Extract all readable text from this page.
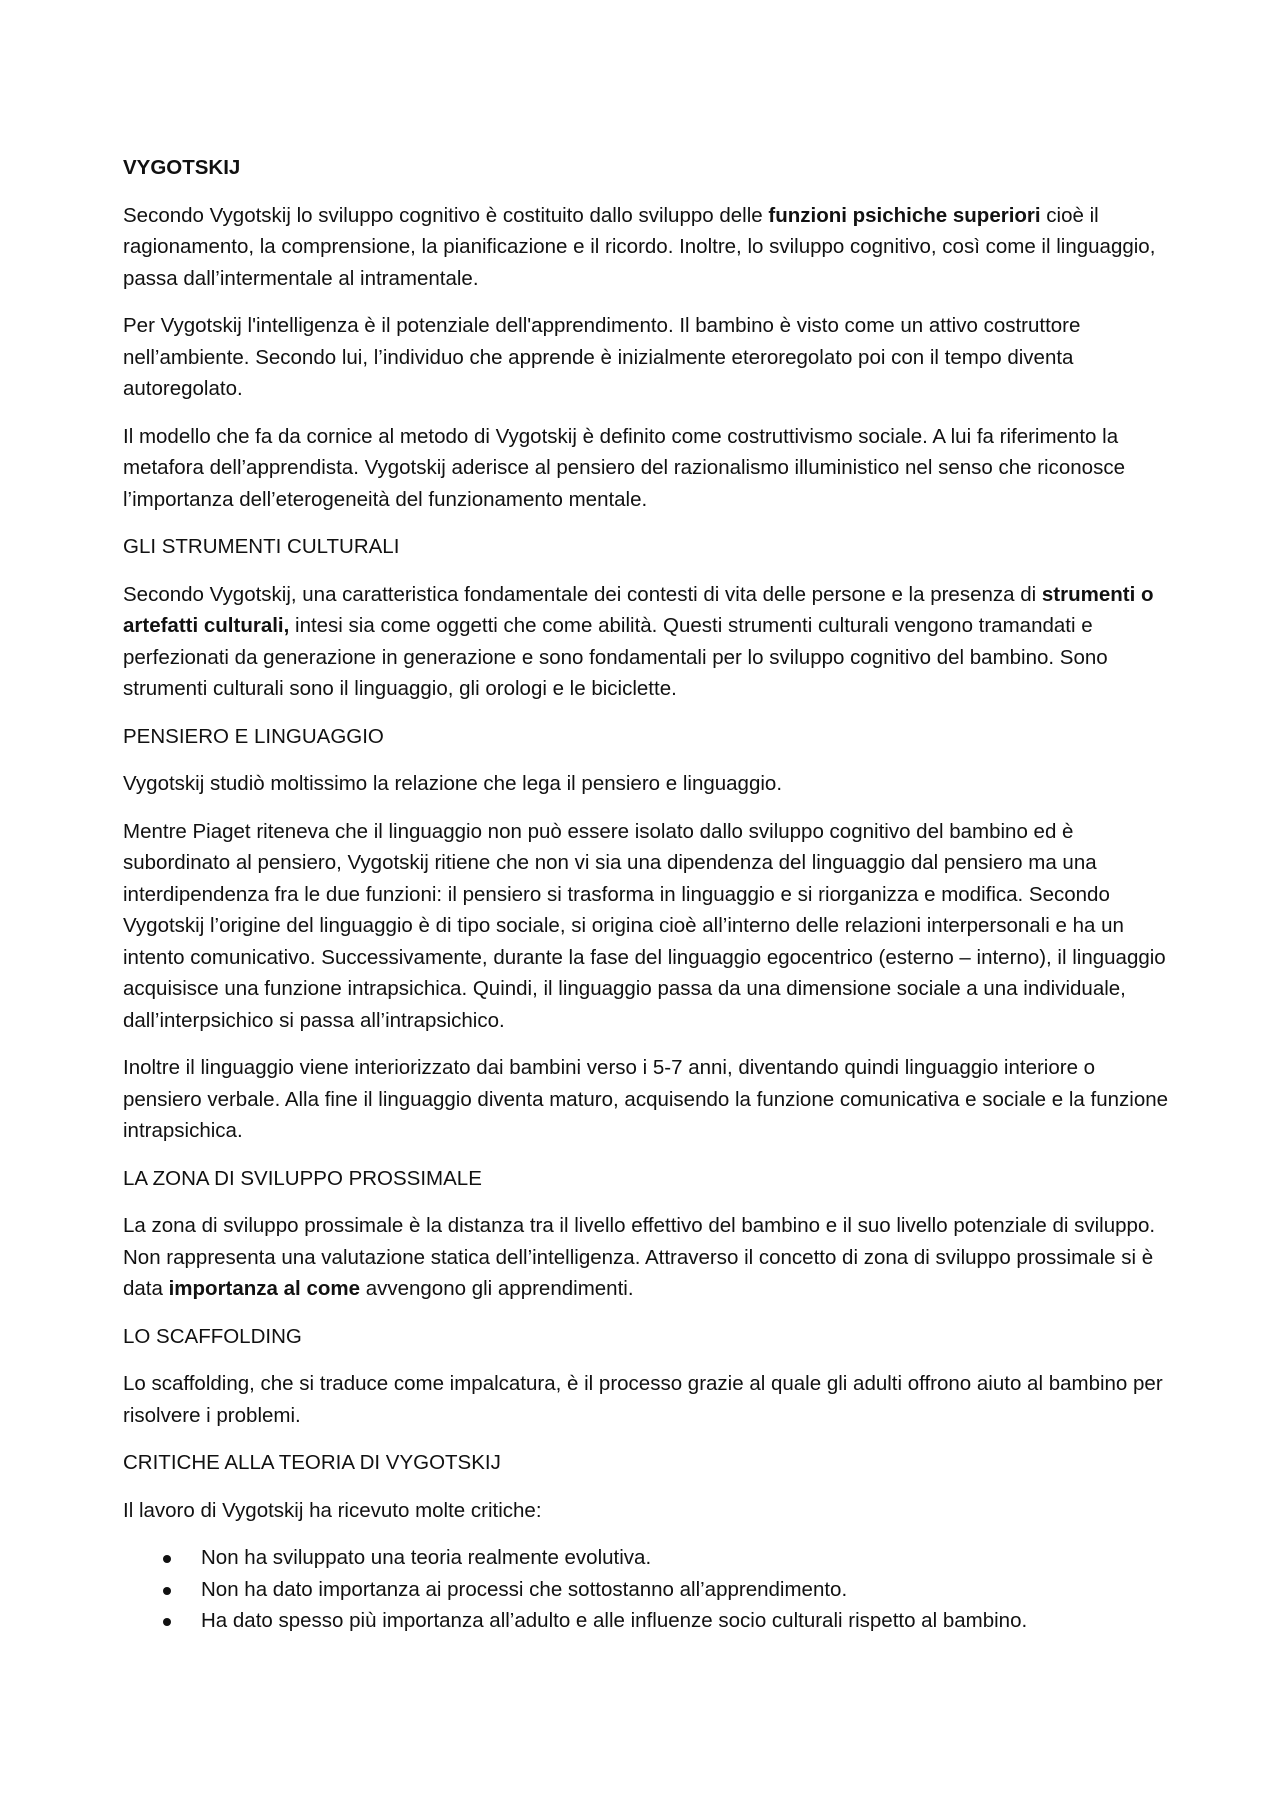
VYGOTSKIJ

Secondo Vygotskij lo sviluppo cognitivo è costituito dallo sviluppo delle funzioni psichiche superiori cioè il ragionamento, la comprensione, la pianificazione e il ricordo. Inoltre, lo sviluppo cognitivo, così come il linguaggio, passa dall’intermentale al intramentale.

Per Vygotskij l'intelligenza è il potenziale dell'apprendimento. Il bambino è visto come un attivo costruttore nell’ambiente. Secondo lui, l’individuo che apprende è inizialmente eteroregolato poi con il tempo diventa autoregolato.

Il modello che fa da cornice al metodo di Vygotskij è definito come costruttivismo sociale. A lui fa riferimento la metafora dell’apprendista. Vygotskij aderisce al pensiero del razionalismo illuministico nel senso che riconosce l’importanza dell’eterogeneità del funzionamento mentale.

GLI STRUMENTI CULTURALI

Secondo Vygotskij, una caratteristica fondamentale dei contesti di vita delle persone e la presenza di strumenti o artefatti culturali, intesi sia come oggetti che come abilità. Questi strumenti culturali vengono tramandati e perfezionati da generazione in generazione e sono fondamentali per lo sviluppo cognitivo del bambino. Sono strumenti culturali sono il linguaggio, gli orologi e le biciclette.

PENSIERO E LINGUAGGIO

Vygotskij studiò moltissimo la relazione che lega il pensiero e linguaggio.

Mentre Piaget riteneva che il linguaggio non può essere isolato dallo sviluppo cognitivo del bambino ed è subordinato al pensiero, Vygotskij ritiene che non vi sia una dipendenza del linguaggio dal pensiero ma una interdipendenza fra le due funzioni: il pensiero si trasforma in linguaggio e si riorganizza e modifica. Secondo Vygotskij l’origine del linguaggio è di tipo sociale, si origina cioè all’interno delle relazioni interpersonali e ha un intento comunicativo. Successivamente, durante la fase del linguaggio egocentrico (esterno – interno), il linguaggio acquisisce una funzione intrapsichica. Quindi, il linguaggio passa da una dimensione sociale a una individuale, dall’interpsichico si passa all’intrapsichico.

Inoltre il linguaggio viene interiorizzato dai bambini verso i 5-7 anni, diventando quindi linguaggio interiore o pensiero verbale. Alla fine il linguaggio diventa maturo, acquisendo la funzione comunicativa e sociale e la funzione intrapsichica.

LA ZONA DI SVILUPPO PROSSIMALE

La zona di sviluppo prossimale è la distanza tra il livello effettivo del bambino e il suo livello potenziale di sviluppo. Non rappresenta una valutazione statica dell’intelligenza. Attraverso il concetto di zona di sviluppo prossimale si è data importanza al come avvengono gli apprendimenti.

LO SCAFFOLDING

Lo scaffolding, che si traduce come impalcatura, è il processo grazie al quale gli adulti offrono aiuto al bambino per risolvere i problemi.

CRITICHE ALLA TEORIA DI VYGOTSKIJ

Il lavoro di Vygotskij ha ricevuto molte critiche:

Non ha sviluppato una teoria realmente evolutiva.
Non ha dato importanza ai processi che sottostanno all’apprendimento.
Ha dato spesso più importanza all’adulto e alle influenze socio culturali rispetto al bambino.
